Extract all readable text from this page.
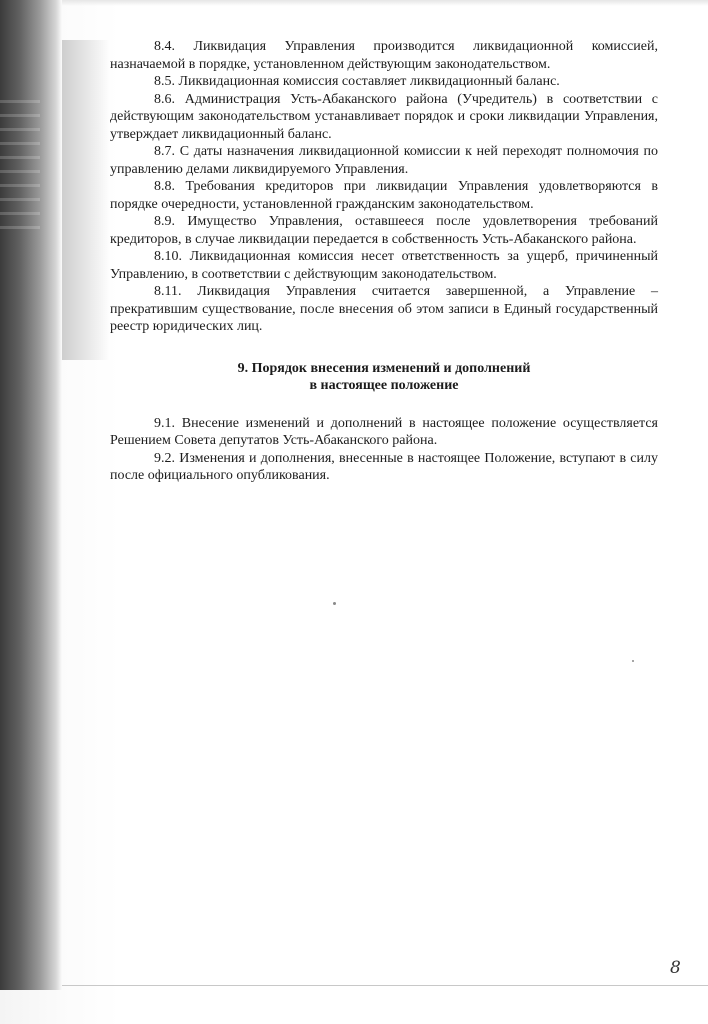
8.4. Ликвидация Управления производится ликвидационной комиссией, назначаемой в порядке, установленном действующим законодательством.

8.5. Ликвидационная комиссия составляет ликвидационный баланс.

8.6. Администрация Усть-Абаканского района (Учредитель) в соответствии с действующим законодательством устанавливает порядок и сроки ликвидации Управления, утверждает ликвидационный баланс.

8.7. С даты назначения ликвидационной комиссии к ней переходят полномочия по управлению делами ликвидируемого Управления.

8.8. Требования кредиторов при ликвидации Управления удовлетворяются в порядке очередности, установленной гражданским законодательством.

8.9. Имущество Управления, оставшееся после удовлетворения требований кредиторов, в случае ликвидации передается в собственность Усть-Абаканского района.

8.10. Ликвидационная комиссия несет ответственность за ущерб, причиненный Управлению, в соответствии с действующим законодательством.

8.11. Ликвидация Управления считается завершенной, а Управление – прекратившим существование, после внесения об этом записи в Единый государственный реестр юридических лиц.

9. Порядок внесения изменений и дополнений
в настоящее положение

9.1. Внесение изменений и дополнений в настоящее положение осуществляется Решением Совета депутатов Усть-Абаканского района.

9.2. Изменения и дополнения, внесенные в настоящее Положение, вступают в силу после официального опубликования.

8
